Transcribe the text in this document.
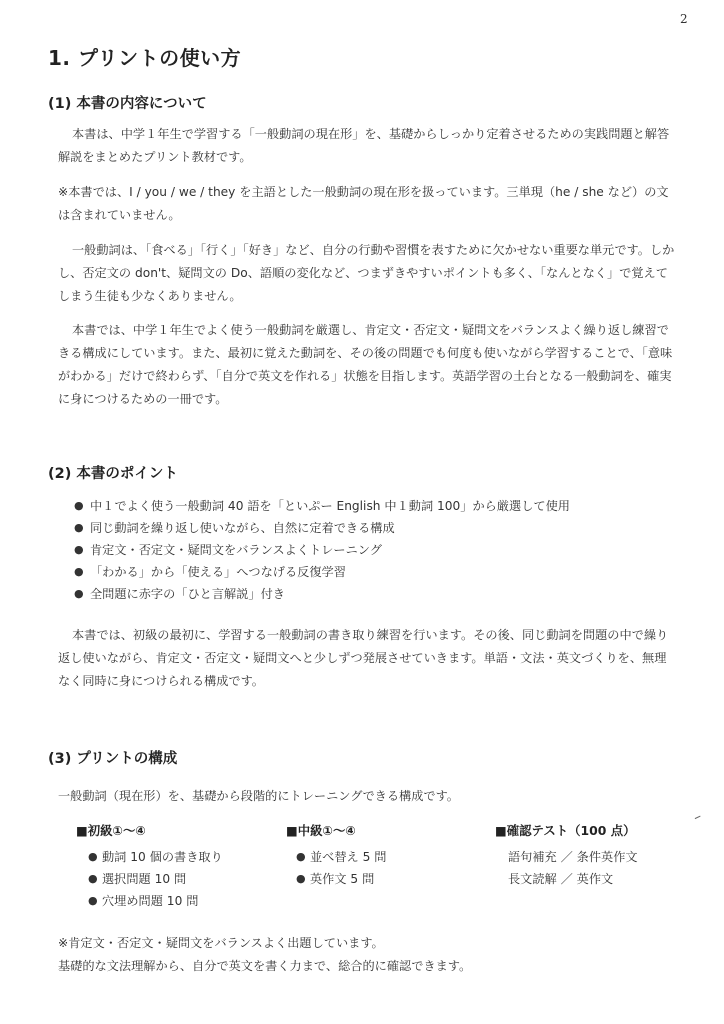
2
1. プリントの使い方
(1) 本書の内容について

本書は、中学１年生で学習する「一般動詞の現在形」を、基礎からしっかり定着させるための実践問題と解答解説をまとめたプリント教材です。

※本書では、I / you / we / they を主語とした一般動詞の現在形を扱っています。三単現（he / she など）の文は含まれていません。

一般動詞は、「食べる」「行く」「好き」など、自分の行動や習慣を表すために欠かせない重要な単元です。しかし、否定文の don't、疑問文の Do、語順の変化など、つまずきやすいポイントも多く、「なんとなく」で覚えてしまう生徒も少なくありません。

本書では、中学１年生でよく使う一般動詞を厳選し、肯定文・否定文・疑問文をバランスよく繰り返し練習できる構成にしています。また、最初に覚えた動詞を、その後の問題でも何度も使いながら学習することで、「意味がわかる」だけで終わらず、「自分で英文を作れる」状態を目指します。英語学習の土台となる一般動詞を、確実に身につけるための一冊です。

(2) 本書のポイント
● 中１でよく使う一般動詞 40 語を「といぷー English 中１動詞 100」から厳選して使用
● 同じ動詞を繰り返し使いながら、自然に定着できる構成
● 肯定文・否定文・疑問文をバランスよくトレーニング
● 「わかる」から「使える」へつなげる反復学習
● 全問題に赤字の「ひと言解説」付き

本書では、初級の最初に、学習する一般動詞の書き取り練習を行います。その後、同じ動詞を問題の中で繰り返し使いながら、肯定文・否定文・疑問文へと少しずつ発展させていきます。単語・文法・英文づくりを、無理なく同時に身につけられる構成です。

(3) プリントの構成

一般動詞（現在形）を、基礎から段階的にトレーニングできる構成です。

■初級①～④
● 動詞 10 個の書き取り
● 選択問題 10 問
● 穴埋め問題 10 問
■中級①～④
● 並べ替え 5 問
● 英作文 5 問
■確認テスト（100 点）
語句補充 ／ 条件英作文
長文読解 ／ 英作文

※肯定文・否定文・疑問文をバランスよく出題しています。

基礎的な文法理解から、自分で英文を書く力まで、総合的に確認できます。
